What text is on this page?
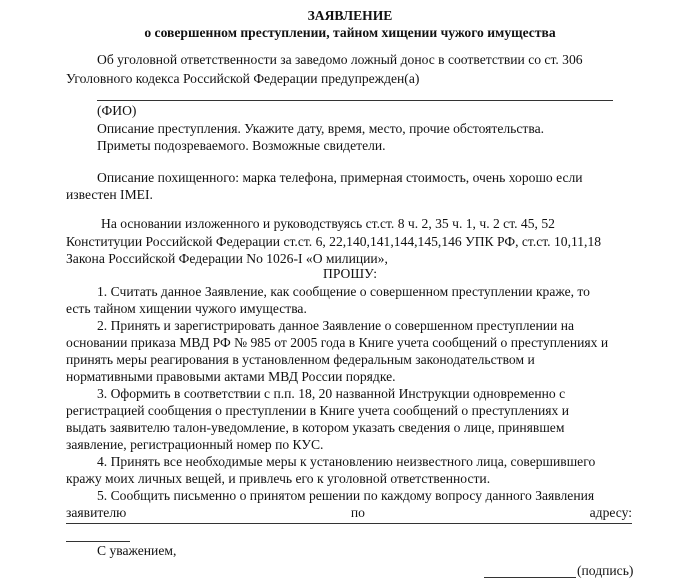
ЗАЯВЛЕНИЕ
о совершенном преступлении, тайном хищении чужого имущества
Об уголовной ответственности за заведомо ложный донос в соответствии со ст. 306
Уголовного кодекса Российской Федерации предупрежден(а)
(ФИО)
Описание преступления. Укажите дату, время, место, прочие обстоятельства.
Приметы подозреваемого. Возможные свидетели.
Описание похищенного: марка телефона, примерная стоимость, очень хорошо если
известен IMEI.
На основании изложенного и руководствуясь ст.ст. 8 ч. 2, 35 ч. 1, ч. 2 ст. 45, 52
Конституции Российской Федерации ст.ст. 6, 22,140,141,144,145,146 УПК РФ, ст.ст. 10,11,18
Закона Российской Федерации No 1026-I «О милиции»,
ПРОШУ:
1. Считать данное Заявление, как сообщение о совершенном преступлении краже, то
есть тайном хищении чужого имущества.
2. Принять и зарегистрировать данное Заявление о совершенном преступлении на
основании приказа МВД РФ № 985 от 2005 года в Книге учета сообщений о преступлениях и
принять меры реагирования в установленном федеральным законодательством и
нормативными правовыми актами МВД России порядке.
3. Оформить в соответствии с п.п. 18, 20 названной Инструкции одновременно с
регистрацией сообщения о преступлении в Книге учета сообщений о преступлениях и
выдать заявителю талон-уведомление, в котором указать сведения о лице, принявшем
заявление, регистрационный номер по КУС.
4. Принять все необходимые меры к установлению неизвестного лица, совершившего
кражу моих личных вещей, и привлечь его к уголовной ответственности.
5. Сообщить письменно о принятом решении по каждому вопросу данного Заявления
заявителю	по	адресу:
С уважением,
(подпись)
